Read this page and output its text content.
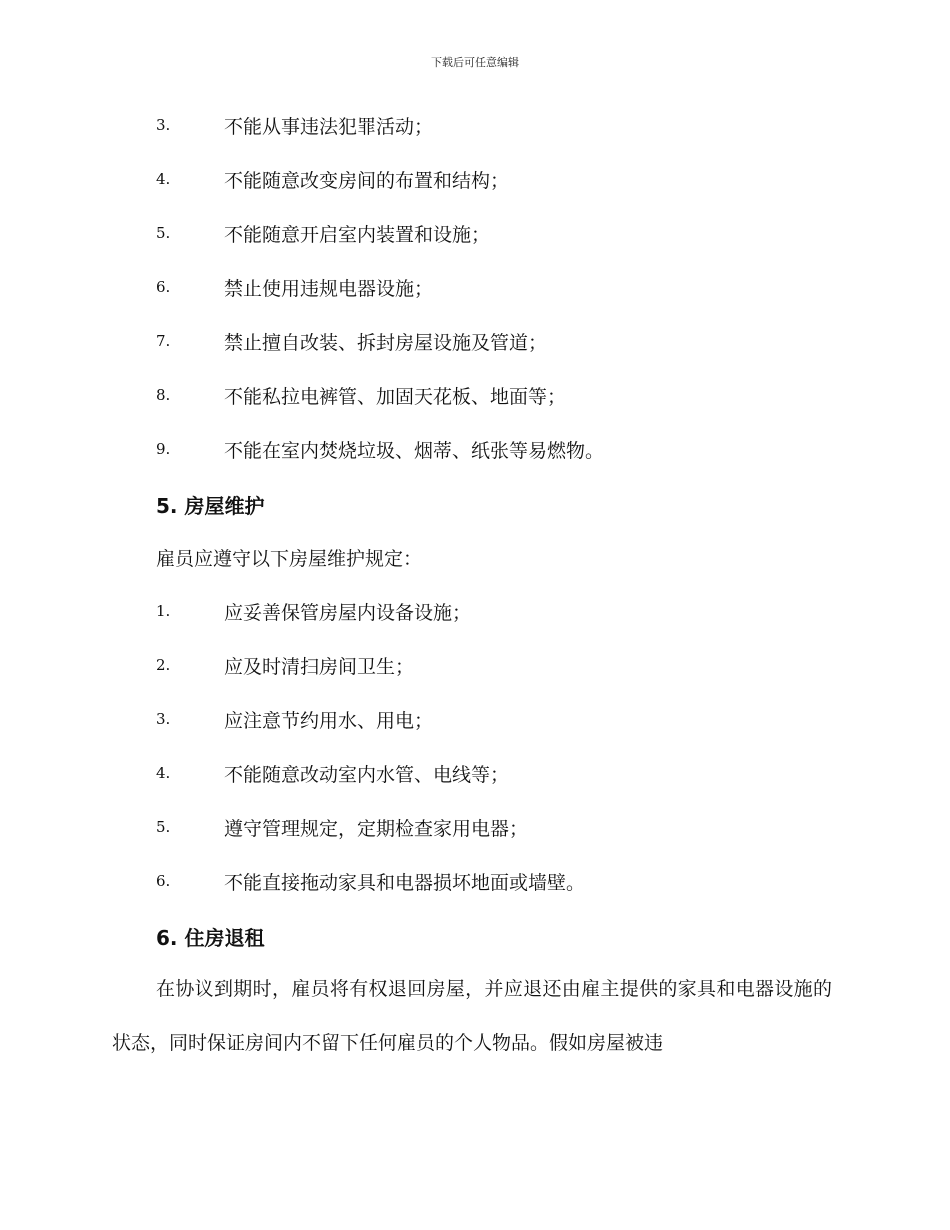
下载后可任意编辑
3.	不能从事违法犯罪活动；
4.	不能随意改变房间的布置和结构；
5.	不能随意开启室内装置和设施；
6.	禁止使用违规电器设施；
7.	禁止擅自改装、拆封房屋设施及管道；
8.	不能私拉电裤管、加固天花板、地面等；
9.	不能在室内焚烧垃圾、烟蒂、纸张等易燃物。
5. 房屋维护
雇员应遵守以下房屋维护规定：
1.	应妥善保管房屋内设备设施；
2.	应及时清扫房间卫生；
3.	应注意节约用水、用电；
4.	不能随意改动室内水管、电线等；
5.	遵守管理规定，定期检查家用电器；
6.	不能直接拖动家具和电器损坏地面或墙壁。
6. 住房退租

在协议到期时，雇员将有权退回房屋，并应退还由雇主提供的家具和电器设施的状态，同时保证房间内不留下任何雇员的个人物品。假如房屋被违
